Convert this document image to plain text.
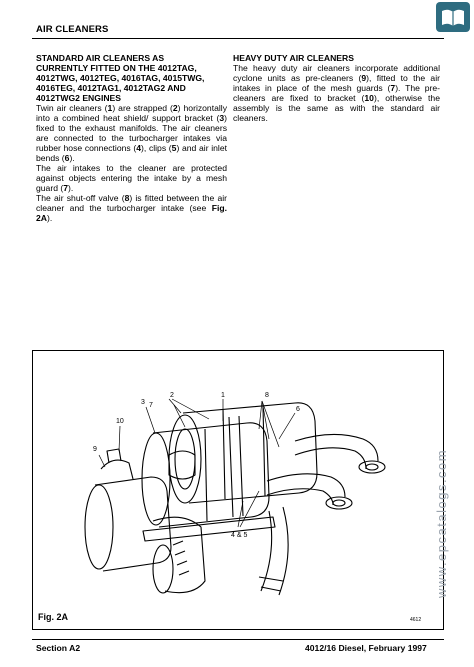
AIR CLEANERS
STANDARD AIR CLEANERS AS
CURRENTLY FITTED ON THE 4012TAG,
4012TWG, 4012TEG, 4016TAG, 4015TWG,
4016TEG, 4012TAG1, 4012TAG2 AND
4012TWG2 ENGINES

Twin air cleaners (1) are strapped (2) horizontally into a combined heat shield/ support bracket (3) fixed to the exhaust manifolds. The air cleaners are connected to the turbocharger intakes via rubber hose connections (4), clips (5) and air inlet bends (6).

The air intakes to the cleaner are protected against objects entering the intake by a mesh guard (7).

The air shut-off valve (8) is fitted between the air cleaner and the turbocharger intake (see Fig. 2A).

HEAVY DUTY AIR CLEANERS

The heavy duty air cleaners incorporate additional cyclone units as pre-cleaners (9), fitted to the air intakes in place of the mesh guards (7). The pre-cleaners are fixed to bracket (10), otherwise the assembly is the same as with the standard air cleaners.

1
2
3
4 & 5
6
7
8
9
10
Fig. 2A	4612
www.epcatalogs.com
Section A2	4012/16 Diesel, February 1997
